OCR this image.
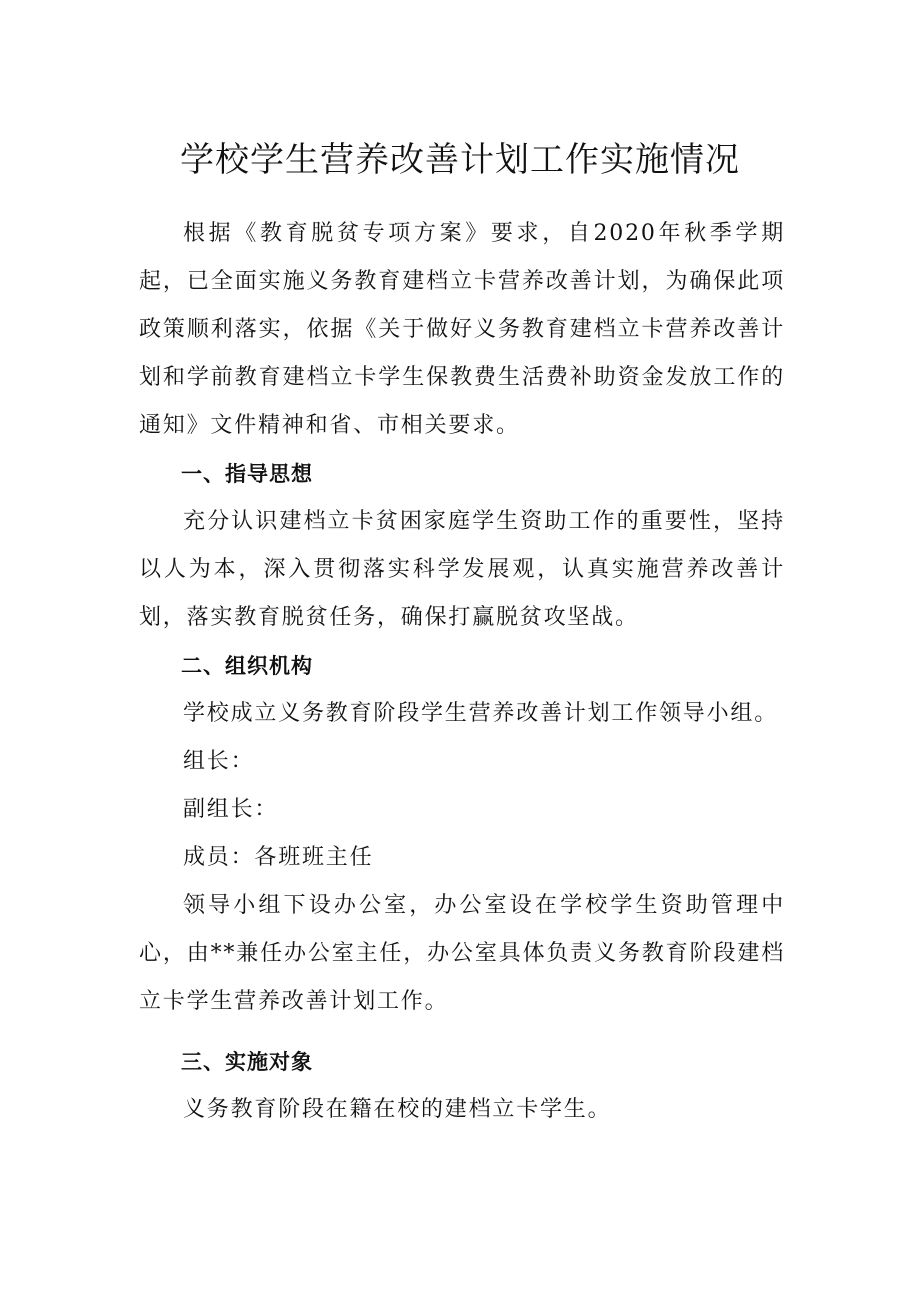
学校学生营养改善计划工作实施情况

根据《教育脱贫专项方案》要求，自2020年秋季学期起，已全面实施义务教育建档立卡营养改善计划，为确保此项政策顺利落实，依据《关于做好义务教育建档立卡营养改善计划和学前教育建档立卡学生保教费生活费补助资金发放工作的通知》文件精神和省、市相关要求。

一、指导思想

充分认识建档立卡贫困家庭学生资助工作的重要性，坚持以人为本，深入贯彻落实科学发展观，认真实施营养改善计划，落实教育脱贫任务，确保打赢脱贫攻坚战。

二、组织机构

学校成立义务教育阶段学生营养改善计划工作领导小组。

组长：

副组长：

成员：各班班主任

领导小组下设办公室，办公室设在学校学生资助管理中心，由**兼任办公室主任，办公室具体负责义务教育阶段建档立卡学生营养改善计划工作。

三、实施对象

义务教育阶段在籍在校的建档立卡学生。
